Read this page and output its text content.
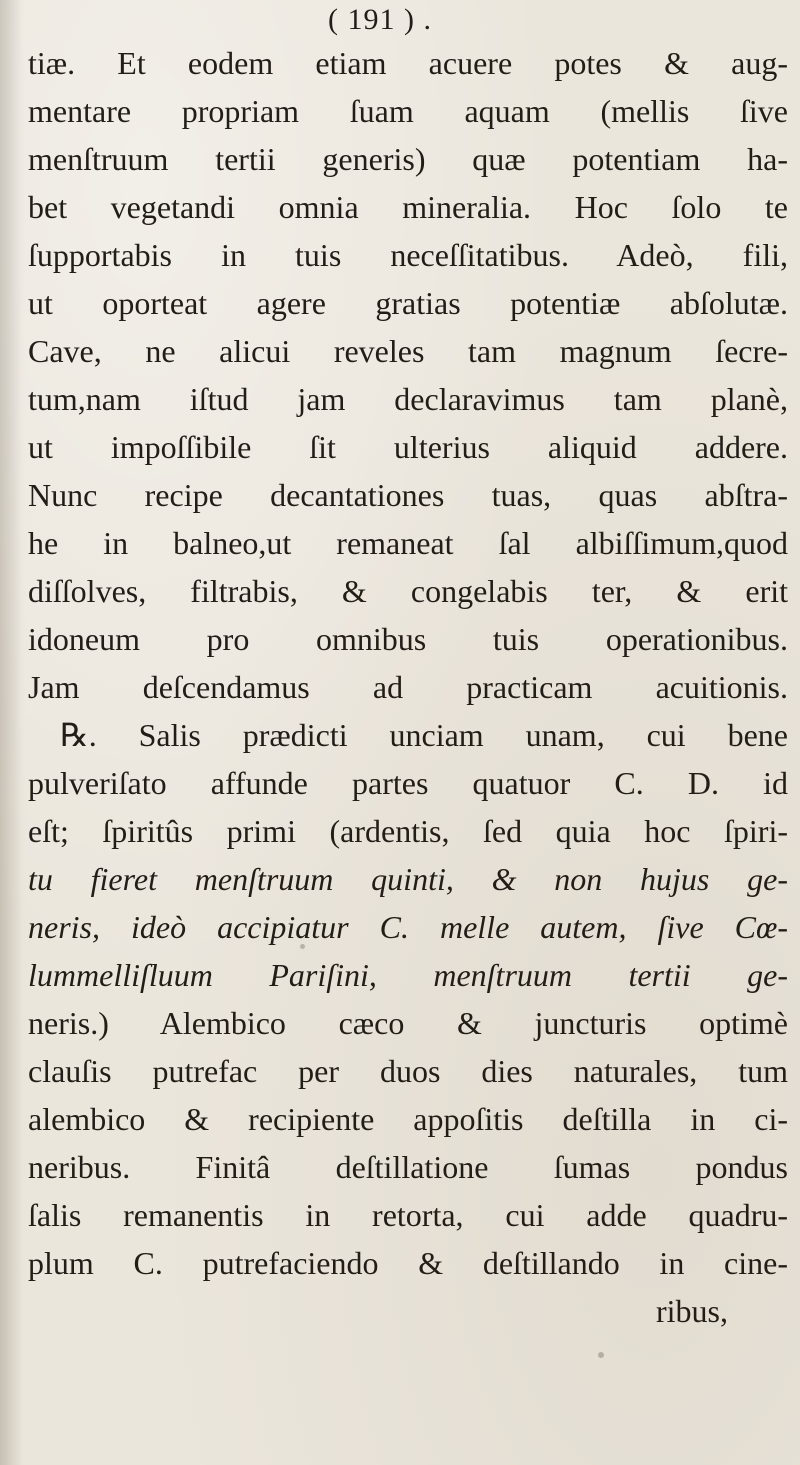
( 191 ) .
tiæ. Et eodem etiam acuere potes & aug-
mentare propriam ſuam aquam (mellis ſive
menſtruum tertii generis) quæ potentiam ha-
bet vegetandi omnia mineralia. Hoc ſolo te
ſupportabis in tuis neceſſitatibus. Adeò, fili,
ut oporteat agere gratias potentiæ abſolutæ.
Cave, ne alicui reveles tam magnum ſecre-
tum,nam iſtud jam declaravimus tam planè,
ut impoſſibile ſit ulterius aliquid addere.
Nunc recipe decantationes tuas, quas abſtra-
he in balneo,ut remaneat ſal albiſſimum,quod
diſſolves, filtrabis, & congelabis ter, & erit
idoneum pro omnibus tuis operationibus.
Jam deſcendamus ad practicam acuitionis.
℞. Salis prædicti unciam unam, cui bene
pulveriſato affunde partes quatuor C. D. id
eſt; ſpiritûs primi (ardentis, ſed quia hoc ſpiri-
tu fieret menſtruum quinti, & non hujus ge-
neris, ideò accipiatur C. melle autem, ſive Cœ-
lummelliſluum Pariſini, menſtruum tertii ge-
neris.) Alembico cæco & juncturis optimè
clauſis putrefac per duos dies naturales, tum
alembico & recipiente appoſitis deſtilla in ci-
neribus. Finitâ deſtillatione ſumas pondus
ſalis remanentis in retorta, cui adde quadru-
plum C. putrefaciendo & deſtillando in cine-
ribus,
